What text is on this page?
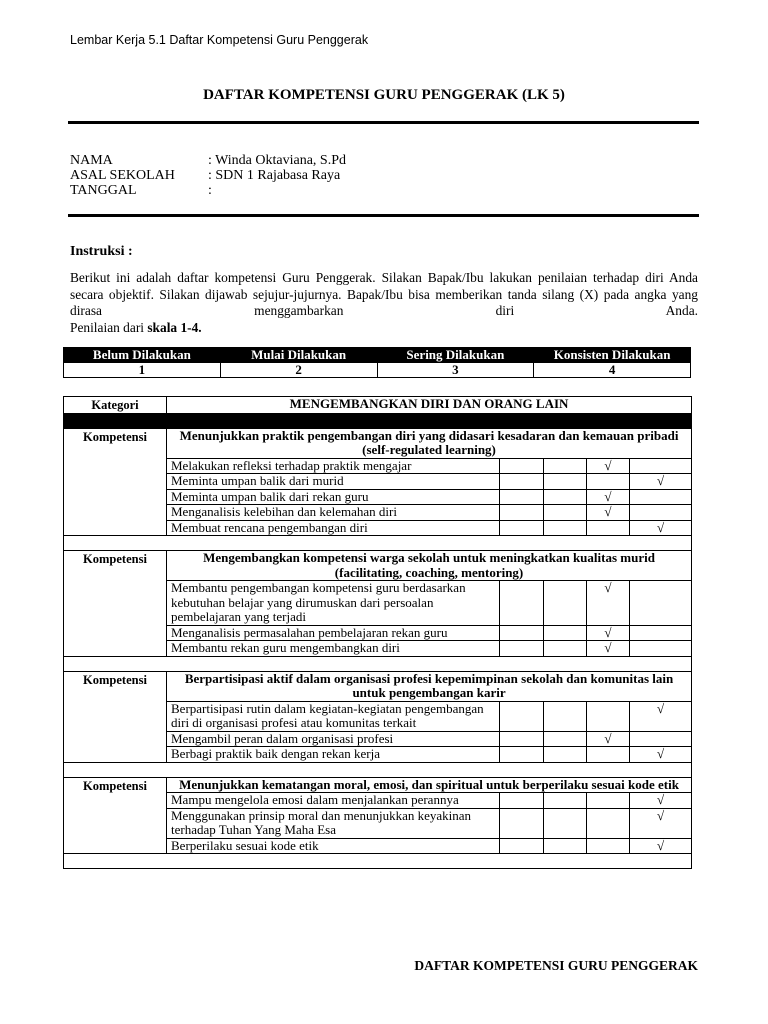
Lembar Kerja 5.1 Daftar Kompetensi Guru Penggerak
DAFTAR KOMPETENSI GURU PENGGERAK (LK 5)
NAMA	: Winda Oktaviana, S.Pd
ASAL SEKOLAH : SDN 1 Rajabasa Raya
TANGGAL	:
Instruksi :
Berikut ini adalah daftar kompetensi Guru Penggerak. Silakan Bapak/Ibu lakukan penilaian terhadap diri Anda secara objektif. Silakan dijawab sejujur-jujurnya. Bapak/Ibu bisa memberikan tanda silang (X) pada angka yang dirasa menggambarkan diri Anda.
Penilaian dari skala 1-4.
Belum Dilakukan	Mulai Dilakukan	Sering Dilakukan	Konsisten Dilakukan
1	2	3	4
Kategori	MENGEMBANGKAN DIRI DAN ORANG LAIN				

Kompetensi	Menunjukkan praktik pengembangan diri yang didasari kesadaran dan kemauan pribadi (self-regulated learning)				
	Melakukan refleksi terhadap praktik mengajar			√	
	Meminta umpan balik dari murid				√
	Meminta umpan balik dari rekan guru			√	
	Menganalisis kelebihan dan kelemahan diri			√	
	Membuat rencana pengembangan diri				√

Kompetensi	Mengembangkan kompetensi warga sekolah untuk meningkatkan kualitas murid (facilitating, coaching, mentoring)				
	Membantu pengembangan kompetensi guru berdasarkan kebutuhan belajar yang dirumuskan dari persoalan pembelajaran yang terjadi			√	
	Menganalisis permasalahan pembelajaran rekan guru			√	
	Membantu rekan guru mengembangkan diri			√	

Kompetensi	Berpartisipasi aktif dalam organisasi profesi kepemimpinan sekolah dan komunitas lain untuk pengembangan karir				
	Berpartisipasi rutin dalam kegiatan-kegiatan pengembangan diri di organisasi profesi atau komunitas terkait				√
	Mengambil peran dalam organisasi profesi			√	
	Berbagi praktik baik dengan rekan kerja				√

Kompetensi	Menunjukkan kematangan moral, emosi, dan spiritual untuk berperilaku sesuai kode etik				
	Mampu mengelola emosi dalam menjalankan perannya				√
	Menggunakan prinsip moral dan menunjukkan keyakinan terhadap Tuhan Yang Maha Esa				√
	Berperilaku sesuai kode etik				√

DAFTAR KOMPETENSI GURU PENGGERAK
